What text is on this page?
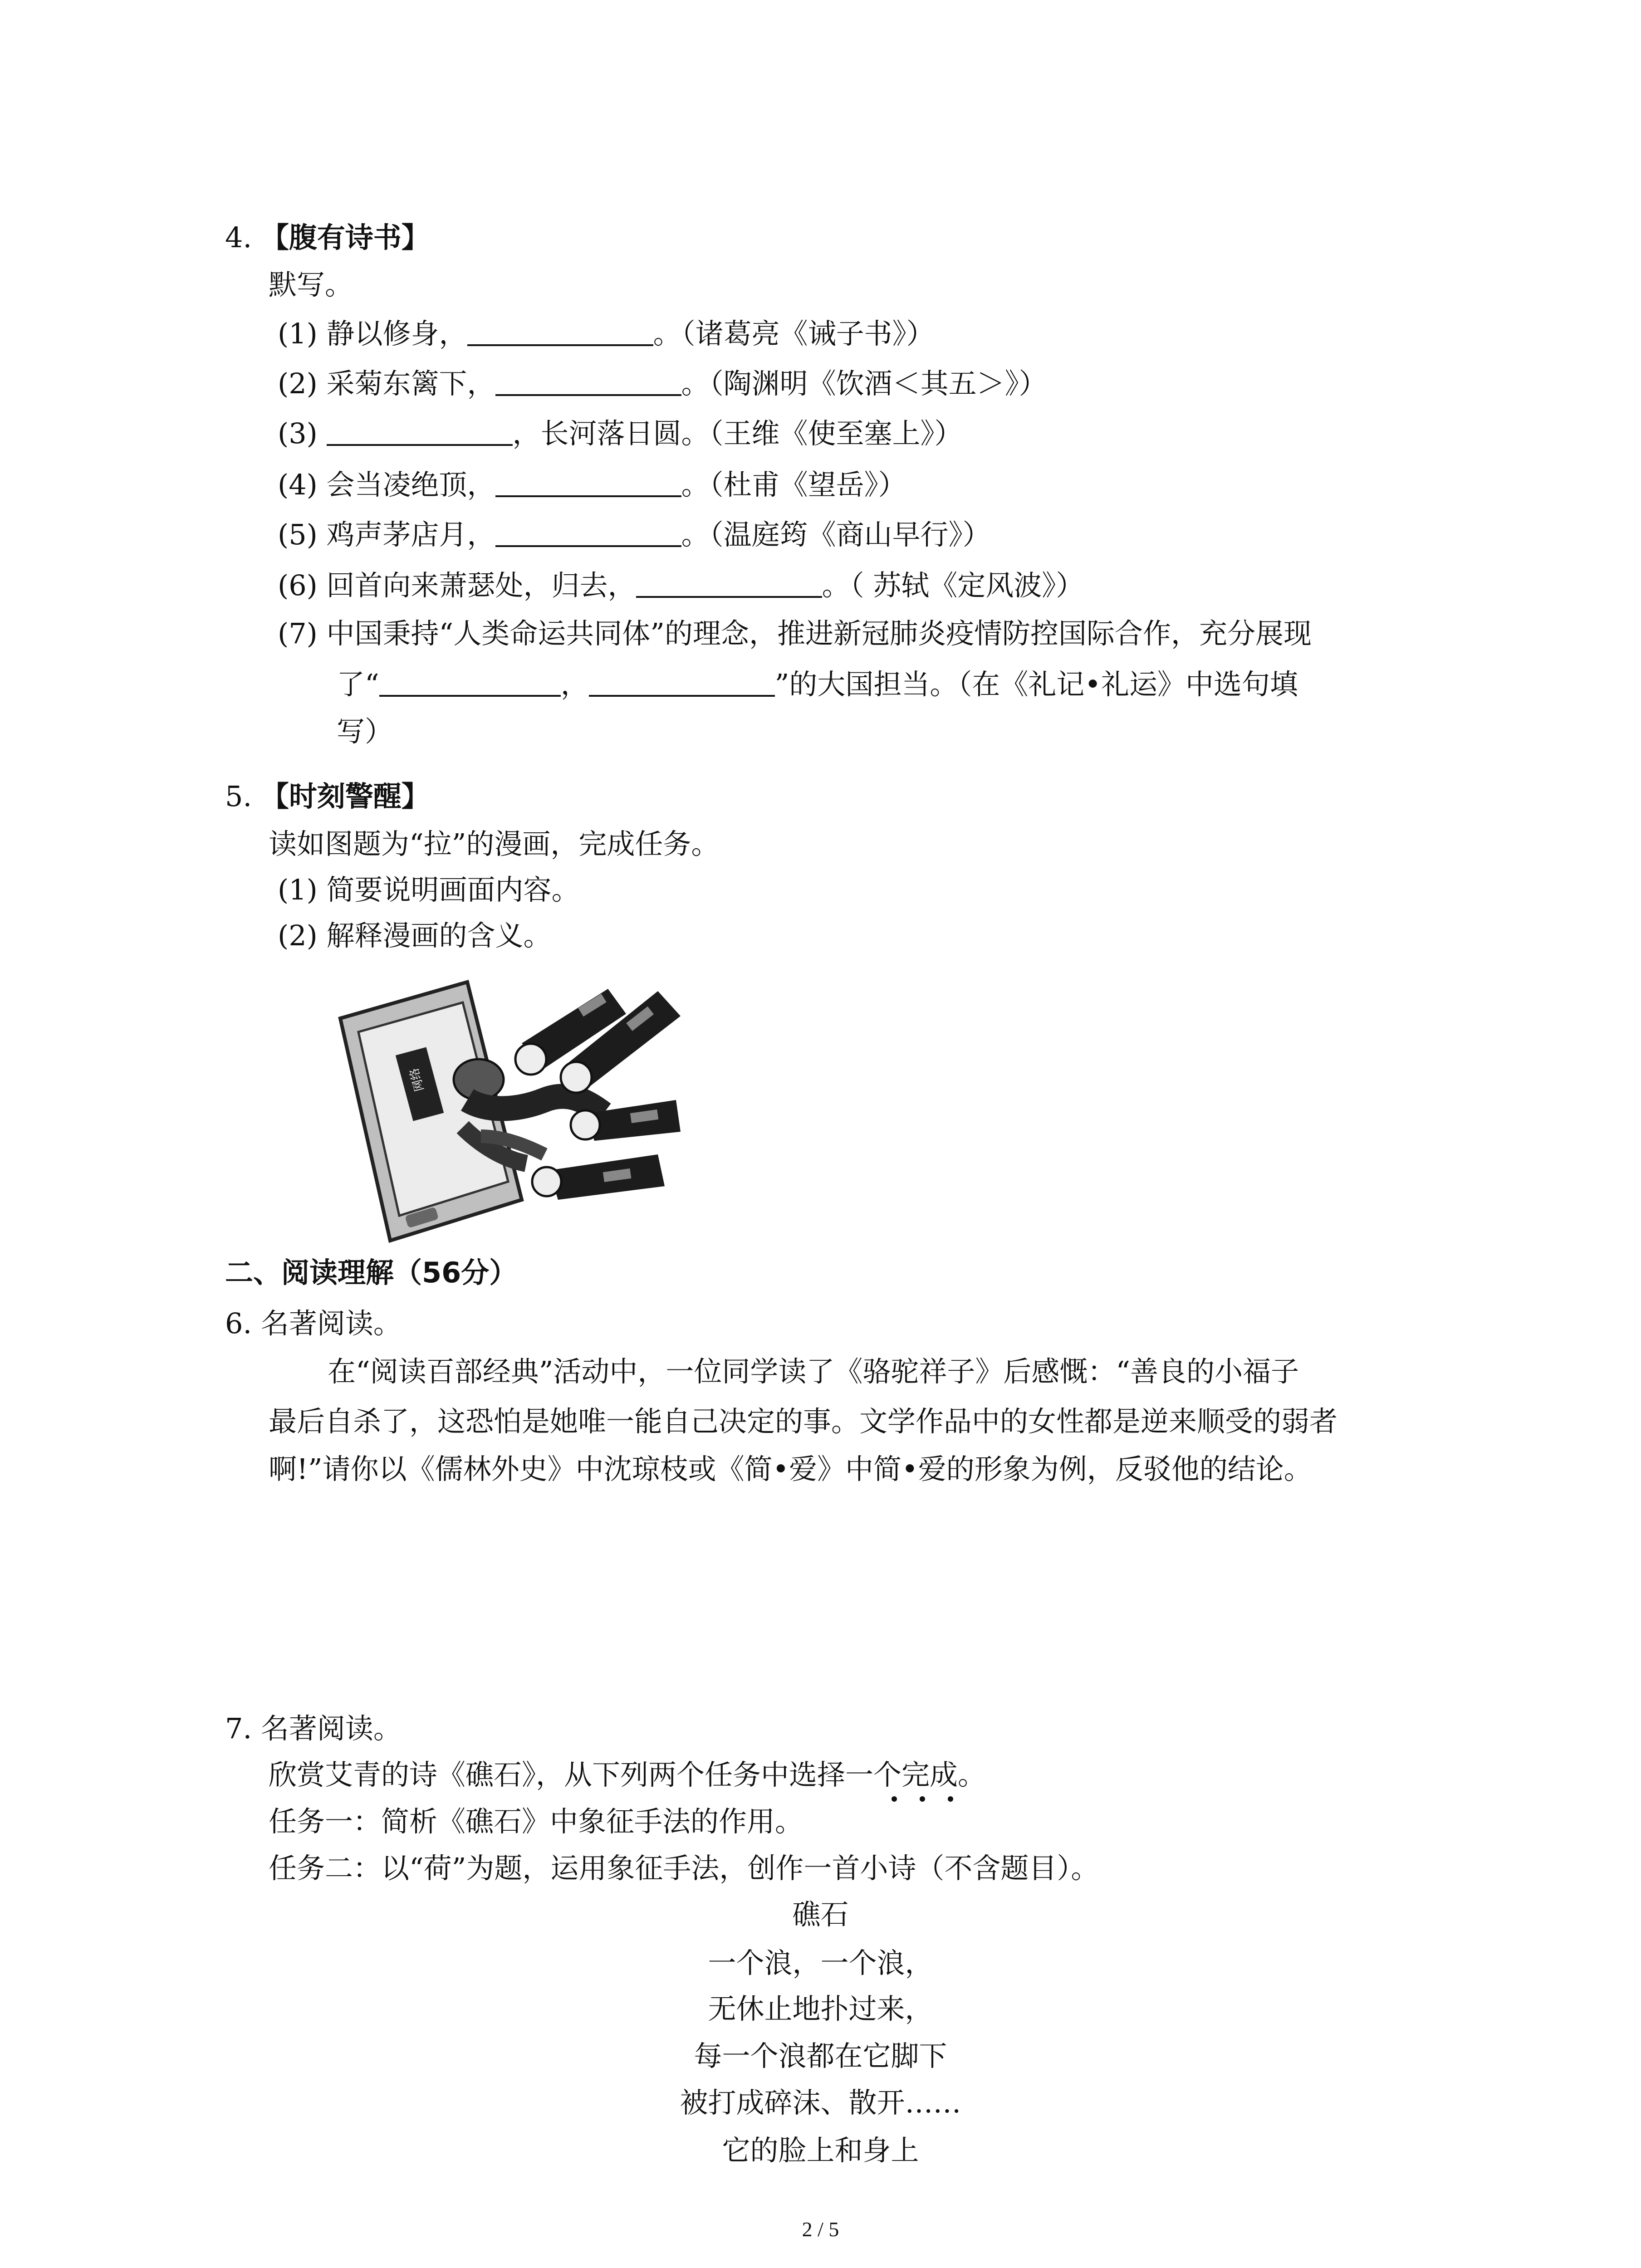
4. 【腹有诗书】
默写。
(1) 静以修身，	。（诸葛亮《诫子书》）
(2) 采菊东篱下，	。（陶渊明《饮酒＜其五＞》）
(3)	，长河落日圆。（王维《使至塞上》）
(4) 会当凌绝顶，	。（杜甫《望岳》）
(5) 鸡声茅店月，	。（温庭筠《商山早行》）
(6) 回首向来萧瑟处，归去，	。（ 苏轼《定风波》）
(7) 中国秉持“人类命运共同体”的理念，推进新冠肺炎疫情防控国际合作，充分展现
了“	，	”的大国担当。（在《礼记•礼运》中选句填
写）
5. 【时刻警醒】
读如图题为“拉”的漫画，完成任务。
(1) 简要说明画面内容。
(2) 解释漫画的含义。
网络
二、阅读理解（56分）
6. 名著阅读。
在“阅读百部经典”活动中，一位同学读了《骆驼祥子》后感慨：“善良的小福子
最后自杀了，这恐怕是她唯一能自己决定的事。文学作品中的女性都是逆来顺受的弱者
啊!”请你以《儒林外史》中沈琼枝或《简•爱》中简•爱的形象为例，反驳他的结论。
7. 名著阅读。
欣赏艾青的诗《礁石》，从下列两个任务中选择一个完成。
任务一：简析《礁石》中象征手法的作用。
任务二：以“荷”为题，运用象征手法，创作一首小诗（不含题目）。
礁石
一个浪，一个浪，
无休止地扑过来，
每一个浪都在它脚下
被打成碎沫、散开……
它的脸上和身上
2 / 5
